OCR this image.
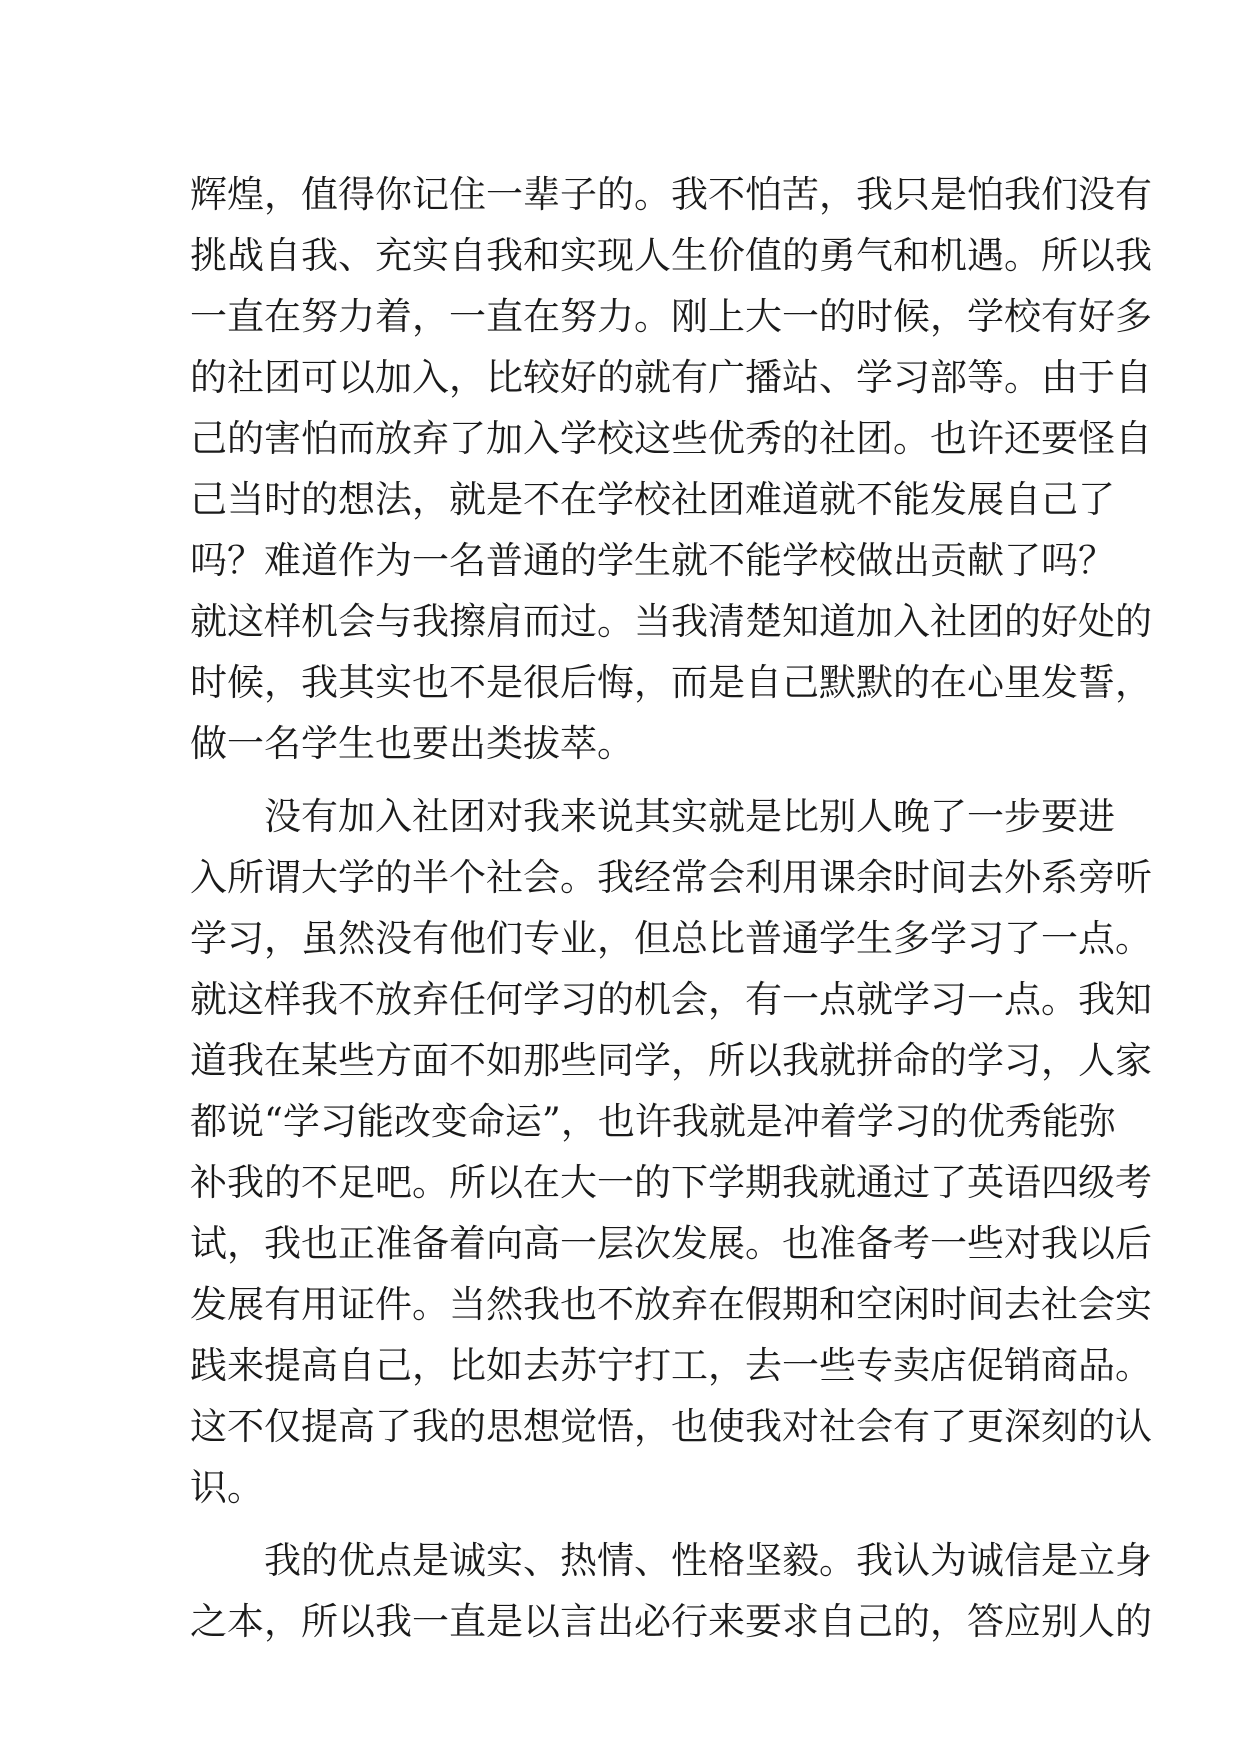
辉煌，值得你记住一辈子的。我不怕苦，我只是怕我们没有
挑战自我、充实自我和实现人生价值的勇气和机遇。所以我
一直在努力着，一直在努力。刚上大一的时候，学校有好多
的社团可以加入，比较好的就有广播站、学习部等。由于自
己的害怕而放弃了加入学校这些优秀的社团。也许还要怪自
己当时的想法，就是不在学校社团难道就不能发展自己了
吗？难道作为一名普通的学生就不能学校做出贡献了吗？
就这样机会与我擦肩而过。当我清楚知道加入社团的好处的
时候，我其实也不是很后悔，而是自己默默的在心里发誓，
做一名学生也要出类拔萃。
没有加入社团对我来说其实就是比别人晚了一步要进
入所谓大学的半个社会。我经常会利用课余时间去外系旁听
学习，虽然没有他们专业，但总比普通学生多学习了一点。
就这样我不放弃任何学习的机会，有一点就学习一点。我知
道我在某些方面不如那些同学，所以我就拼命的学习，人家
都说“学习能改变命运”，也许我就是冲着学习的优秀能弥
补我的不足吧。所以在大一的下学期我就通过了英语四级考
试，我也正准备着向高一层次发展。也准备考一些对我以后
发展有用证件。当然我也不放弃在假期和空闲时间去社会实
践来提高自己，比如去苏宁打工，去一些专卖店促销商品。
这不仅提高了我的思想觉悟，也使我对社会有了更深刻的认
识。
我的优点是诚实、热情、性格坚毅。我认为诚信是立身
之本，所以我一直是以言出必行来要求自己的，答应别人的
